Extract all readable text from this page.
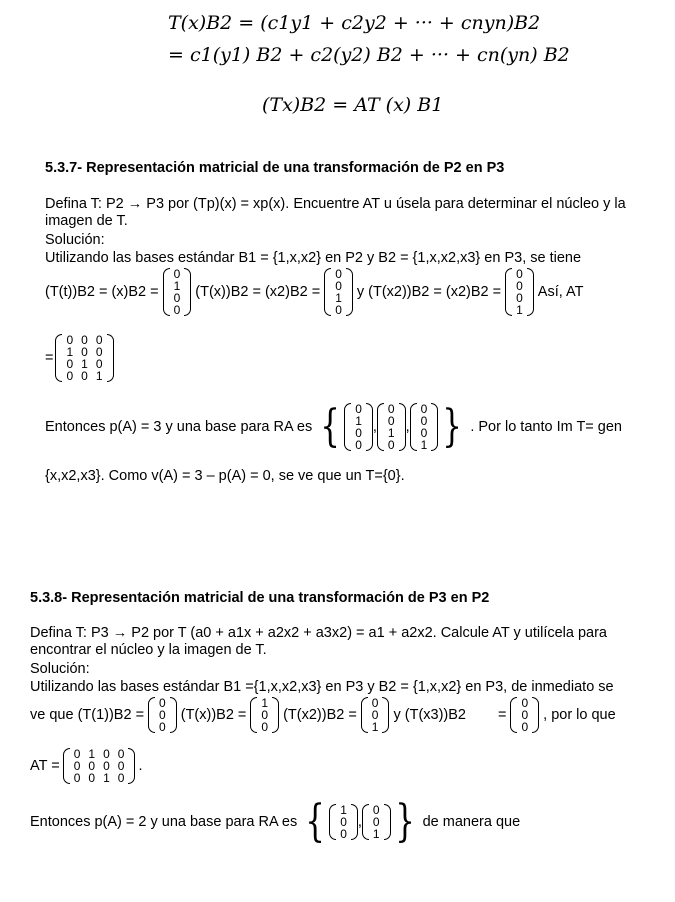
T(x)B2 = (c1y1 + c2y2 + ··· + cnyn)B2
= c1(y1) B2 + c2(y2) B2 + ··· + cn(yn) B2
(Tx)B2 = AT (x) B1
5.3.7- Representación matricial de una transformación de P2 en P3
Defina T: P2 → P3 por (Tp)(x) = xp(x). Encuentre AT u úsela para determinar el núcleo y la imagen de T.
Solución:
Utilizando las bases estándar B1 = {1,x,x2} en P2 y B2 = {1,x,x2,x3} en P3, se tiene
(T(t))B2 = (x)B2 =
0
1
0
0
(T(x))B2 = (x2)B2 =
0
0
1
0
y (T(x2))B2 = (x2)B2 =
0
0
0
1
Así, AT
=
0	0	0
1	0	0
0	1	0
0	0	1
Entonces p(A) = 3 y una base para RA es { 0
1
0
0
,
0
0
1
0
,
0
0
0
1 } . Por lo tanto Im T= gen
{x,x2,x3}. Como v(A) = 3 – p(A) = 0, se ve que un T={0}.
5.3.8- Representación matricial de una transformación de P3 en P2
Defina T: P3 → P2 por T (a0 + a1x + a2x2 + a3x2) = a1 + a2x2. Calcule AT y utilícela para encontrar el núcleo y la imagen de T.
Solución:
Utilizando las bases estándar B1 ={1,x,x2,x3} en P3 y B2 = {1,x,x2} en P3, de inmediato se
ve que (T(1))B2 =
0
0
0
(T(x))B2 =
1
0
0
(T(x2))B2 =
0
0
1
y (T(x3))B2 =
0
0
0
, por lo que
AT =
0	1	0	0
0	0	0	0
0	0	1	0
.
Entonces p(A) = 2 y una base para RA es { 1
0
0
,
0
0
1 } de manera que
